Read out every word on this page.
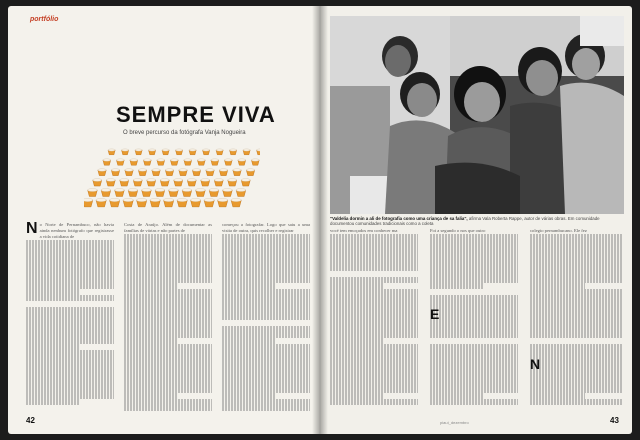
portfólio
SEMPRE VIVA
O breve percurso da fotógrafa Vanja Nogueira
N o Norte de Pernambuco, não havia ainda nenhum fotógrafo que registrasse a vida cotidiana de
Costa de Araújo. Além de documentar as famílias de várias e não partes de
começou a fotografar. Logo que saiu a uma visita de outra, quis recolher e registrar
42
"Valdelia dormin a ali de fotografia como uma criança de sa falia", afirma Vala Roberta Rappe, autor de várias obras. Em comunidade documentou comunidades tradicionais como a coleta
vocé tem emoçados em conhecer ma	Foi a segundo o nos que outro	colegio pernambucano. Ele fez
E
N
piauí_dezembro	43
